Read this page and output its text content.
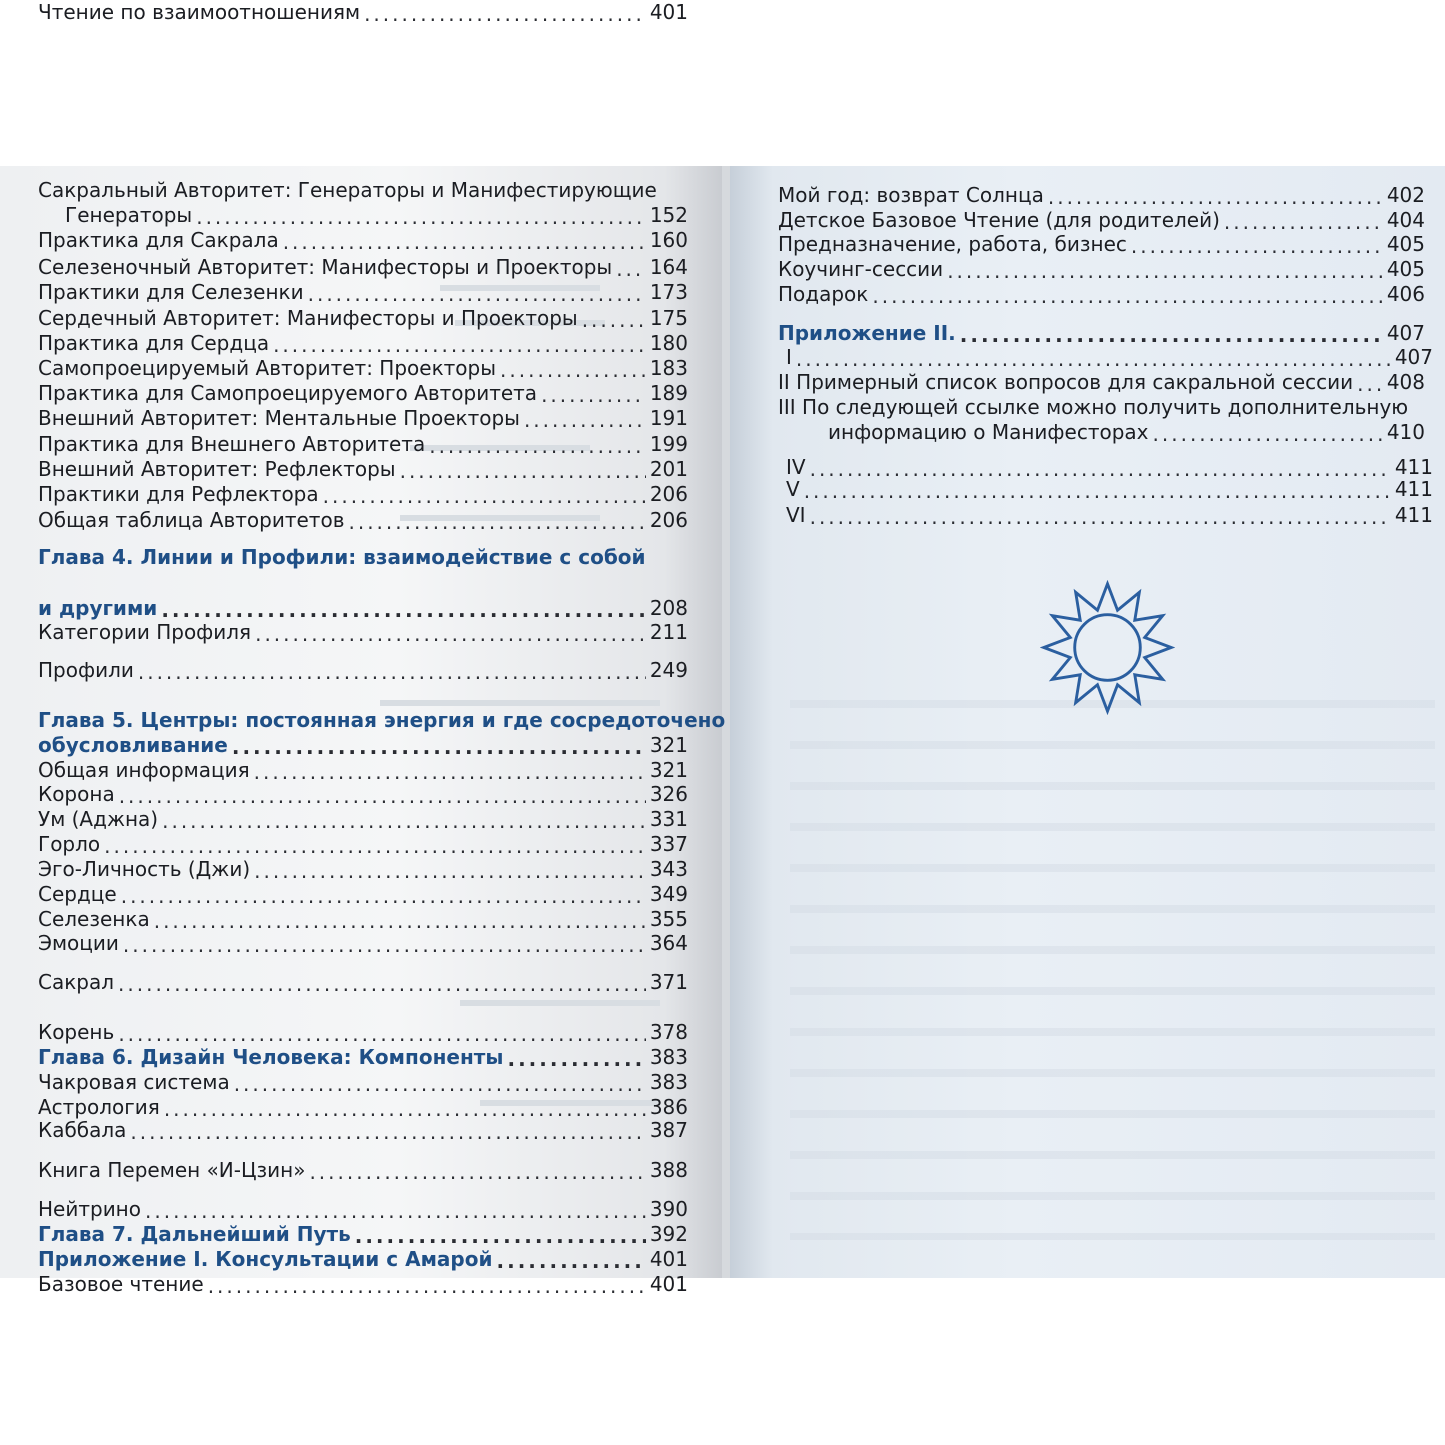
Сакральный Авторитет: Генераторы и Манифестирующие
Генераторы .....	152
Практика для Сакрала .....	160
Селезеночный Авторитет: Манифесторы и Проекторы ..... 164
Практики для Селезенки .....	173
Сердечный Авторитет: Манифесторы и Проекторы .....	175
Практика для Сердца .....	180
Самопроецируемый Авторитет: Проекторы .....	183
Практика для Самопроецируемого Авторитета .....	189
Внешний Авторитет: Ментальные Проекторы .....	191
Практика для Внешнего Авторитета .....	199
Внешний Авторитет: Рефлекторы .....	201
Практики для Рефлектора .....	206
Общая таблица Авторитетов .....	206
Глава 4. Линии и Профили: взаимодействие с собой
и другими .....	208
Категории Профиля .....	211
Профили .....	249
Глава 5. Центры: постоянная энергия и где сосредоточено
обусловливание .....	321
Общая информация .....	321
Корона .....	326
Ум (Аджна) .....	331
Горло .....	337
Эго-Личность (Джи) .....	343
Сердце .....	349
Селезенка .....	355
Эмоции .....	364
Сакрал .....	371
Корень .....	378
Глава 6. Дизайн Человека: Компоненты .....	383
Чакровая система .....	383
Астрология .....	386
Каббала .....	387
Книга Перемен «И-Цзин» .....	388
Нейтрино .....	390
Глава 7. Дальнейший Путь .....	392
Приложение I. Консультации с Амарой .....	401
Базовое чтение .....	401
Чтение по взаимоотношениям .....	401
Мой год: возврат Солнца .....	402
Детское Базовое Чтение (для родителей) .....	404
Предназначение, работа, бизнес .....	405
Коучинг-сессии .....	405
Подарок .....	406
Приложение II. .....	407
I .....	407
II Примерный список вопросов для сакральной сессии ..... 408
III По следующей ссылке можно получить дополнительную
информацию о Манифесторах .....	410
IV .....	411
V .....	411
VI .....	411
